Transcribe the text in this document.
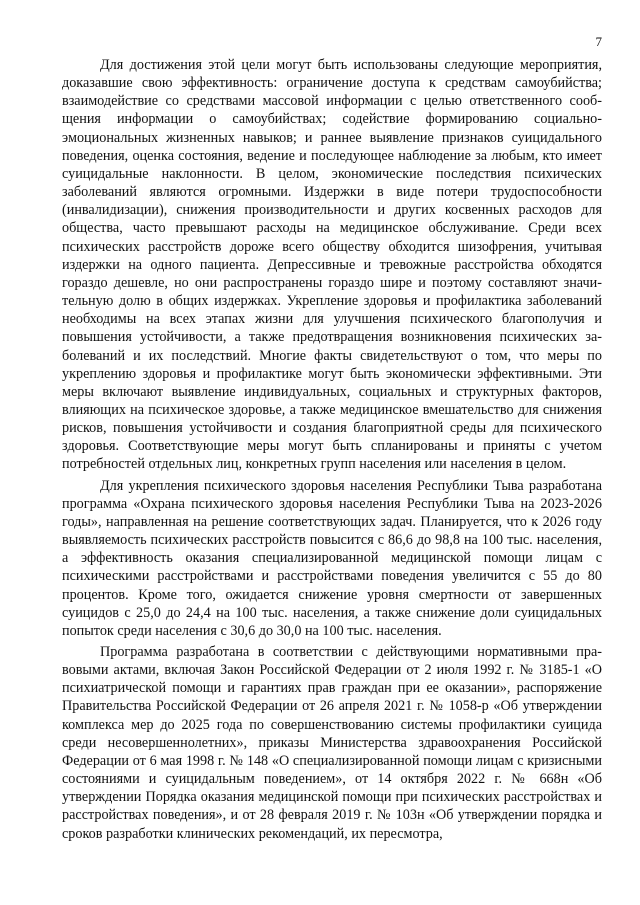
7

Для достижения этой цели могут быть использованы следующие мероприятия, доказавшие свою эффективность: ограничение доступа к средствам самоубийства; взаимодействие со средствами массовой информации с целью ответственного сообщения информации о самоубийствах; содействие формированию социально-эмоциональных жизненных навыков; и раннее выявление признаков суицидального поведения, оценка состояния, ведение и последующее наблюдение за любым, кто имеет суицидальные наклонности. В целом, экономические последствия психических заболеваний являются огромными. Издержки в виде потери трудоспособности (инвалидизации), снижения производительности и других косвенных расходов для общества, часто превышают расходы на медицинское обслуживание. Среди всех психических расстройств дороже всего обществу обходится шизофрения, учитывая издержки на одного пациента. Депрессивные и тревожные расстройства обходятся гораздо дешевле, но они распространены гораздо шире и поэтому составляют значительную долю в общих издержках. Укрепление здоровья и профилактика заболеваний необходимы на всех этапах жизни для улучшения психического благополучия и повышения устойчивости, а также предотвращения возникновения психических заболеваний и их последствий. Многие факты свидетельствуют о том, что меры по укреплению здоровья и профилактике могут быть экономически эффективными. Эти меры включают выявление индивидуальных, социальных и структурных факторов, влияющих на психическое здоровье, а также медицинское вмешательство для снижения рисков, повышения устойчивости и создания благоприятной среды для психического здоровья. Соответствующие меры могут быть спланированы и приняты с учетом потребностей отдельных лиц, конкретных групп населения или населения в целом.

Для укрепления психического здоровья населения Республики Тыва разработана программа «Охрана психического здоровья населения Республики Тыва на 2023-2026 годы», направленная на решение соответствующих задач. Планируется, что к 2026 году выявляемость психических расстройств повысится с 86,6 до 98,8 на 100 тыс. населения, а эффективность оказания специализированной медицинской помощи лицам с психическими расстройствами и расстройствами поведения увеличится с 55 до 80 процентов. Кроме того, ожидается снижение уровня смертности от завершенных суицидов с 25,0 до 24,4 на 100 тыс. населения, а также снижение доли суицидальных попыток среди населения с 30,6 до 30,0 на 100 тыс. населения.

Программа разработана в соответствии с действующими нормативными правовыми актами, включая Закон Российской Федерации от 2 июля 1992 г. № 3185-1 «О психиатрической помощи и гарантиях прав граждан при ее оказании», распоряжение Правительства Российской Федерации от 26 апреля 2021 г. № 1058-р «Об утверждении комплекса мер до 2025 года по совершенствованию системы профилактики суицида среди несовершеннолетних», приказы Министерства здравоохранения Российской Федерации от 6 мая 1998 г. № 148 «О специализированной помощи лицам с кризисными состояниями и суицидальным поведением», от 14 октября 2022 г. № 668н «Об утверждении Порядка оказания медицинской помощи при психических расстройствах и расстройствах поведения», и от 28 февраля 2019 г. № 103н «Об утверждении порядка и сроков разработки клинических рекомендаций, их пересмотра,
